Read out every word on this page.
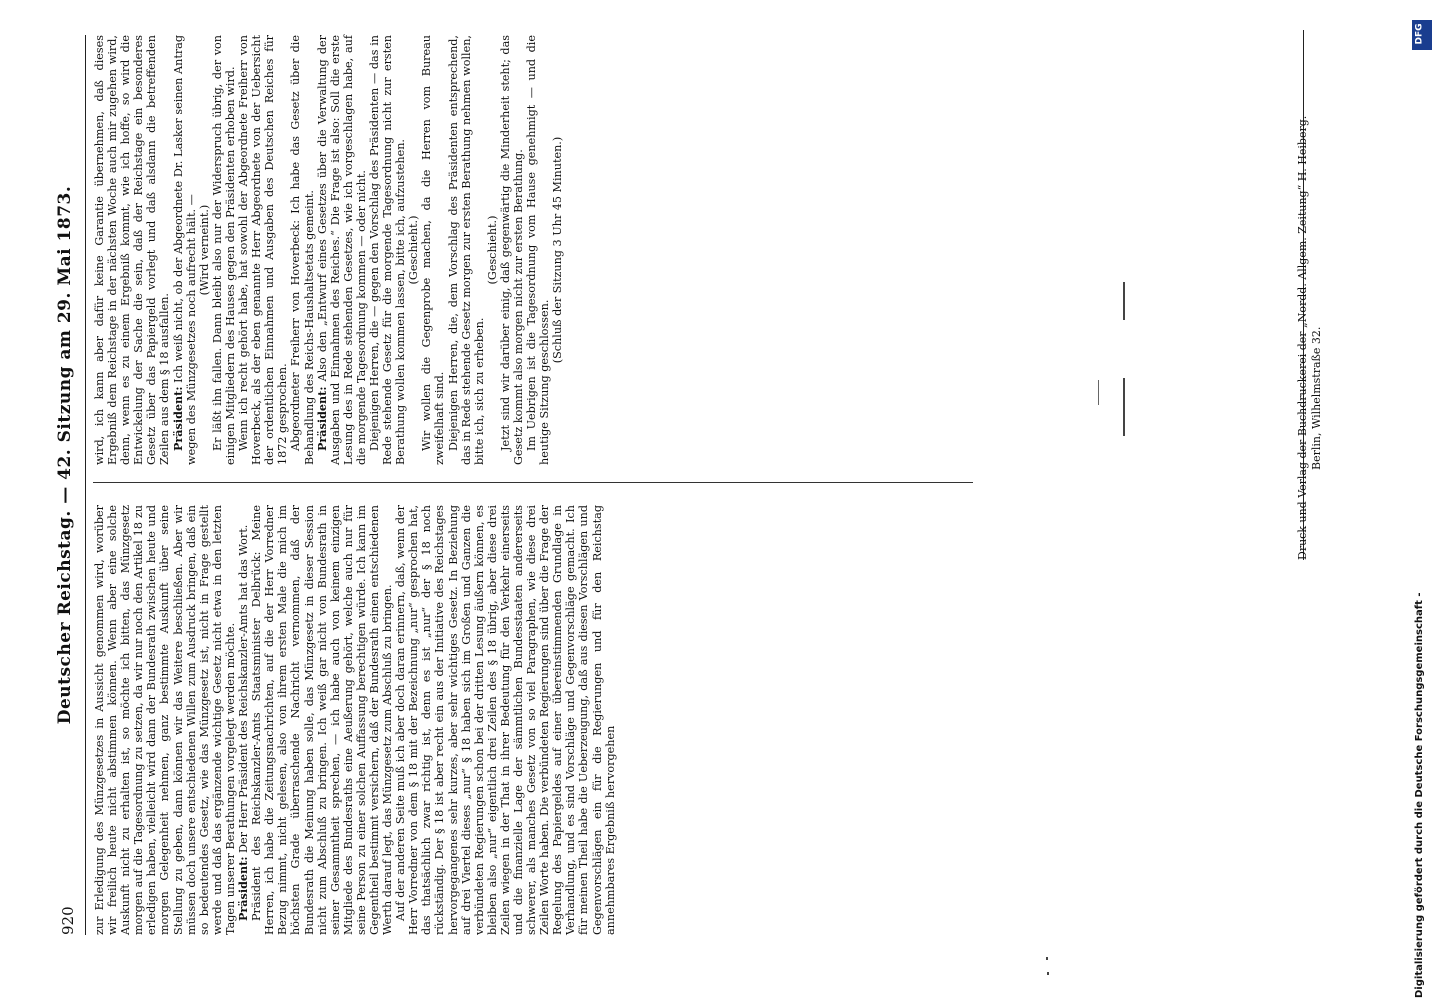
920
Deutscher Reichstag. — 42. Sitzung am 29. Mai 1873. zur Erledigung des Münzgesetzes in Aussicht genommen wird, worüber wir freilich heute nicht abstimmen können. Wenn aber eine solche Auskunft nicht zu erhalten ist, so möchte ich bitten, das Münzgesetz morgen auf die Tagesordnung zu setzen, da wir nur noch den Artikel 18 zu erledigen haben, vielleicht wird dann der Bundesrath zwischen heute und morgen Gelegenheit nehmen, ganz bestimmte Auskunft über seine Stellung zu geben, dann können wir das Weitere beschließen. Aber wir müssen doch unsere entschiedenen Willen zum Ausdruck bringen, daß ein so bedeutendes Gesetz, wie das Münzgesetz ist, nicht in Frage gestellt werde und daß das ergänzende wichtige Gesetz nicht etwa in den letzten Tagen unserer Berathungen vorgelegt werden möchte. Präsident: Der Herr Präsident des Reichskanzler-Amts hat das Wort. Präsident des Reichskanzler-Amts Staatsminister Delbrück: Meine Herren, ich habe die Zeitungsnachrichten, auf die der Herr Vorredner Bezug nimmt, nicht gelesen, also von ihrem ersten Male die mich im höchsten Grade überraschende Nachricht vernommen, daß der Bundesrath die Meinung haben solle, das Münzgesetz in dieser Session nicht zum Abschluß zu bringen. Ich weiß gar nicht von Bundesrath in seiner Gesammtheit sprechen, — ich habe auch von keinem einzigen Mitgliede des Bundesraths eine Aeußerung gehört, welche auch nur für seine Person zu einer solchen Auffassung berechtigen würde. Ich kann im Gegentheil bestimmt versichern, daß der Bundesrath einen entschiedenen Werth darauf legt, das Münzgesetz zum Abschluß zu bringen. Auf der anderen Seite muß ich aber doch daran erinnern, daß, wenn der Herr Vorredner von dem § 18 mit der Bezeichnung „nur“ gesprochen hat, das thatsächlich zwar richtig ist, denn es ist „nur“ der § 18 noch rückständig. Der § 18 ist aber recht ein aus der Initiative des Reichstages hervorgegangenes sehr kurzes, aber sehr wichtiges Gesetz. In Beziehung auf drei Viertel dieses „nur“ § 18 haben sich im Großen und Ganzen die verbündeten Regierungen schon bei der dritten Lesung äußern können, es bleiben also „nur“ eigentlich drei Zeilen des § 18 übrig, aber diese drei Zeilen wiegen in der That in ihrer Bedeutung für den Verkehr einerseits und die finanzielle Lage der sämmtlichen Bundesstaaten andererseits schwerer, als manches Gesetz von so viel Paragraphen, wie diese drei Zeilen Worte haben. Die verbündeten Regierungen sind über die Frage der Regelung des Papiergeldes auf einer übereinstimmenden Grundlage in Verhandlung, und es sind Vorschläge und Gegenvorschläge gemacht. Ich für meinen Theil habe die Ueberzeugung, daß aus diesen Vorschlägen und Gegenvorschlägen ein für die Regierungen und für den Reichstag annehmbares Ergebniß hervorgehen

wird, ich kann aber dafür keine Garantie übernehmen, daß dieses Ergebniß dem Reichstage in der nächsten Woche auch mir zugehen wird, denn, wenn es zu einem Ergebniß kommt, wie ich hoffe, so wird die Entwickelung der Sache die sein, daß der Reichstage ein besonderes Gesetz über das Papiergeld vorlegt und daß alsdann die betreffenden Zeilen aus dem § 18 ausfallen. Präsident: Ich weiß nicht, ob der Abgeordnete Dr. Lasker seinen Antrag wegen des Münzgesetzes noch aufrecht hält. — (Wird verneint.) Er läßt ihn fallen. Dann bleibt also nur der Widerspruch übrig, der von einigen Mitgliedern des Hauses gegen den Präsidenten erhoben wird. Wenn ich recht gehört habe, hat sowohl der Abgeordnete Freiherr von Hoverbeck, als der eben genannte Herr Abgeordnete von der Uebersicht der ordentlichen Einnahmen und Ausgaben des Deutschen Reiches für 1872 gesprochen. Abgeordneter Freiherr von Hoverbeck: Ich habe das Gesetz über die Behandlung des Reichs-Haushaltsetats gemeint. Präsident: Also den „Entwurf eines Gesetzes über die Verwaltung der Ausgaben und Einnahmen des Reiches.“ Die Frage ist also: Soll die erste Lesung des in Rede stehenden Gesetzes, wie ich vorgeschlagen habe, auf die morgende Tagesordnung kommen — oder nicht. Diejenigen Herren, die — gegen den Vorschlag des Präsidenten — das in Rede stehende Gesetz für die morgende Tagesordnung nicht zur ersten Berathung wollen kommen lassen, bitte ich, aufzustehen. (Geschieht.) Wir wollen die Gegenprobe machen, da die Herren vom Bureau zweifelhaft sind. Diejenigen Herren, die, dem Vorschlag des Präsidenten entsprechend, das in Rede stehende Gesetz morgen zur ersten Berathung nehmen wollen, bitte ich, sich zu erheben.

(Geschieht.) Jetzt sind wir darüber einig, daß gegenwärtig die Minderheit steht; das Gesetz kommt also morgen nicht zur ersten Berathung. Im Uebrigen ist die Tagesordnung vom Hause genehmigt — und die heutige Sitzung geschlossen.

(Schluß der Sitzung 3 Uhr 45 Minuten.)	Druck und Verlag der Buchdruckerei der „Nordd. Allgem. Zeitung“ H. Heiberg. Berlin, Wilhelmstraße 32.
Digitalisierung gefördert durch die Deutsche Forschungsgemeinschaft -
DFG
